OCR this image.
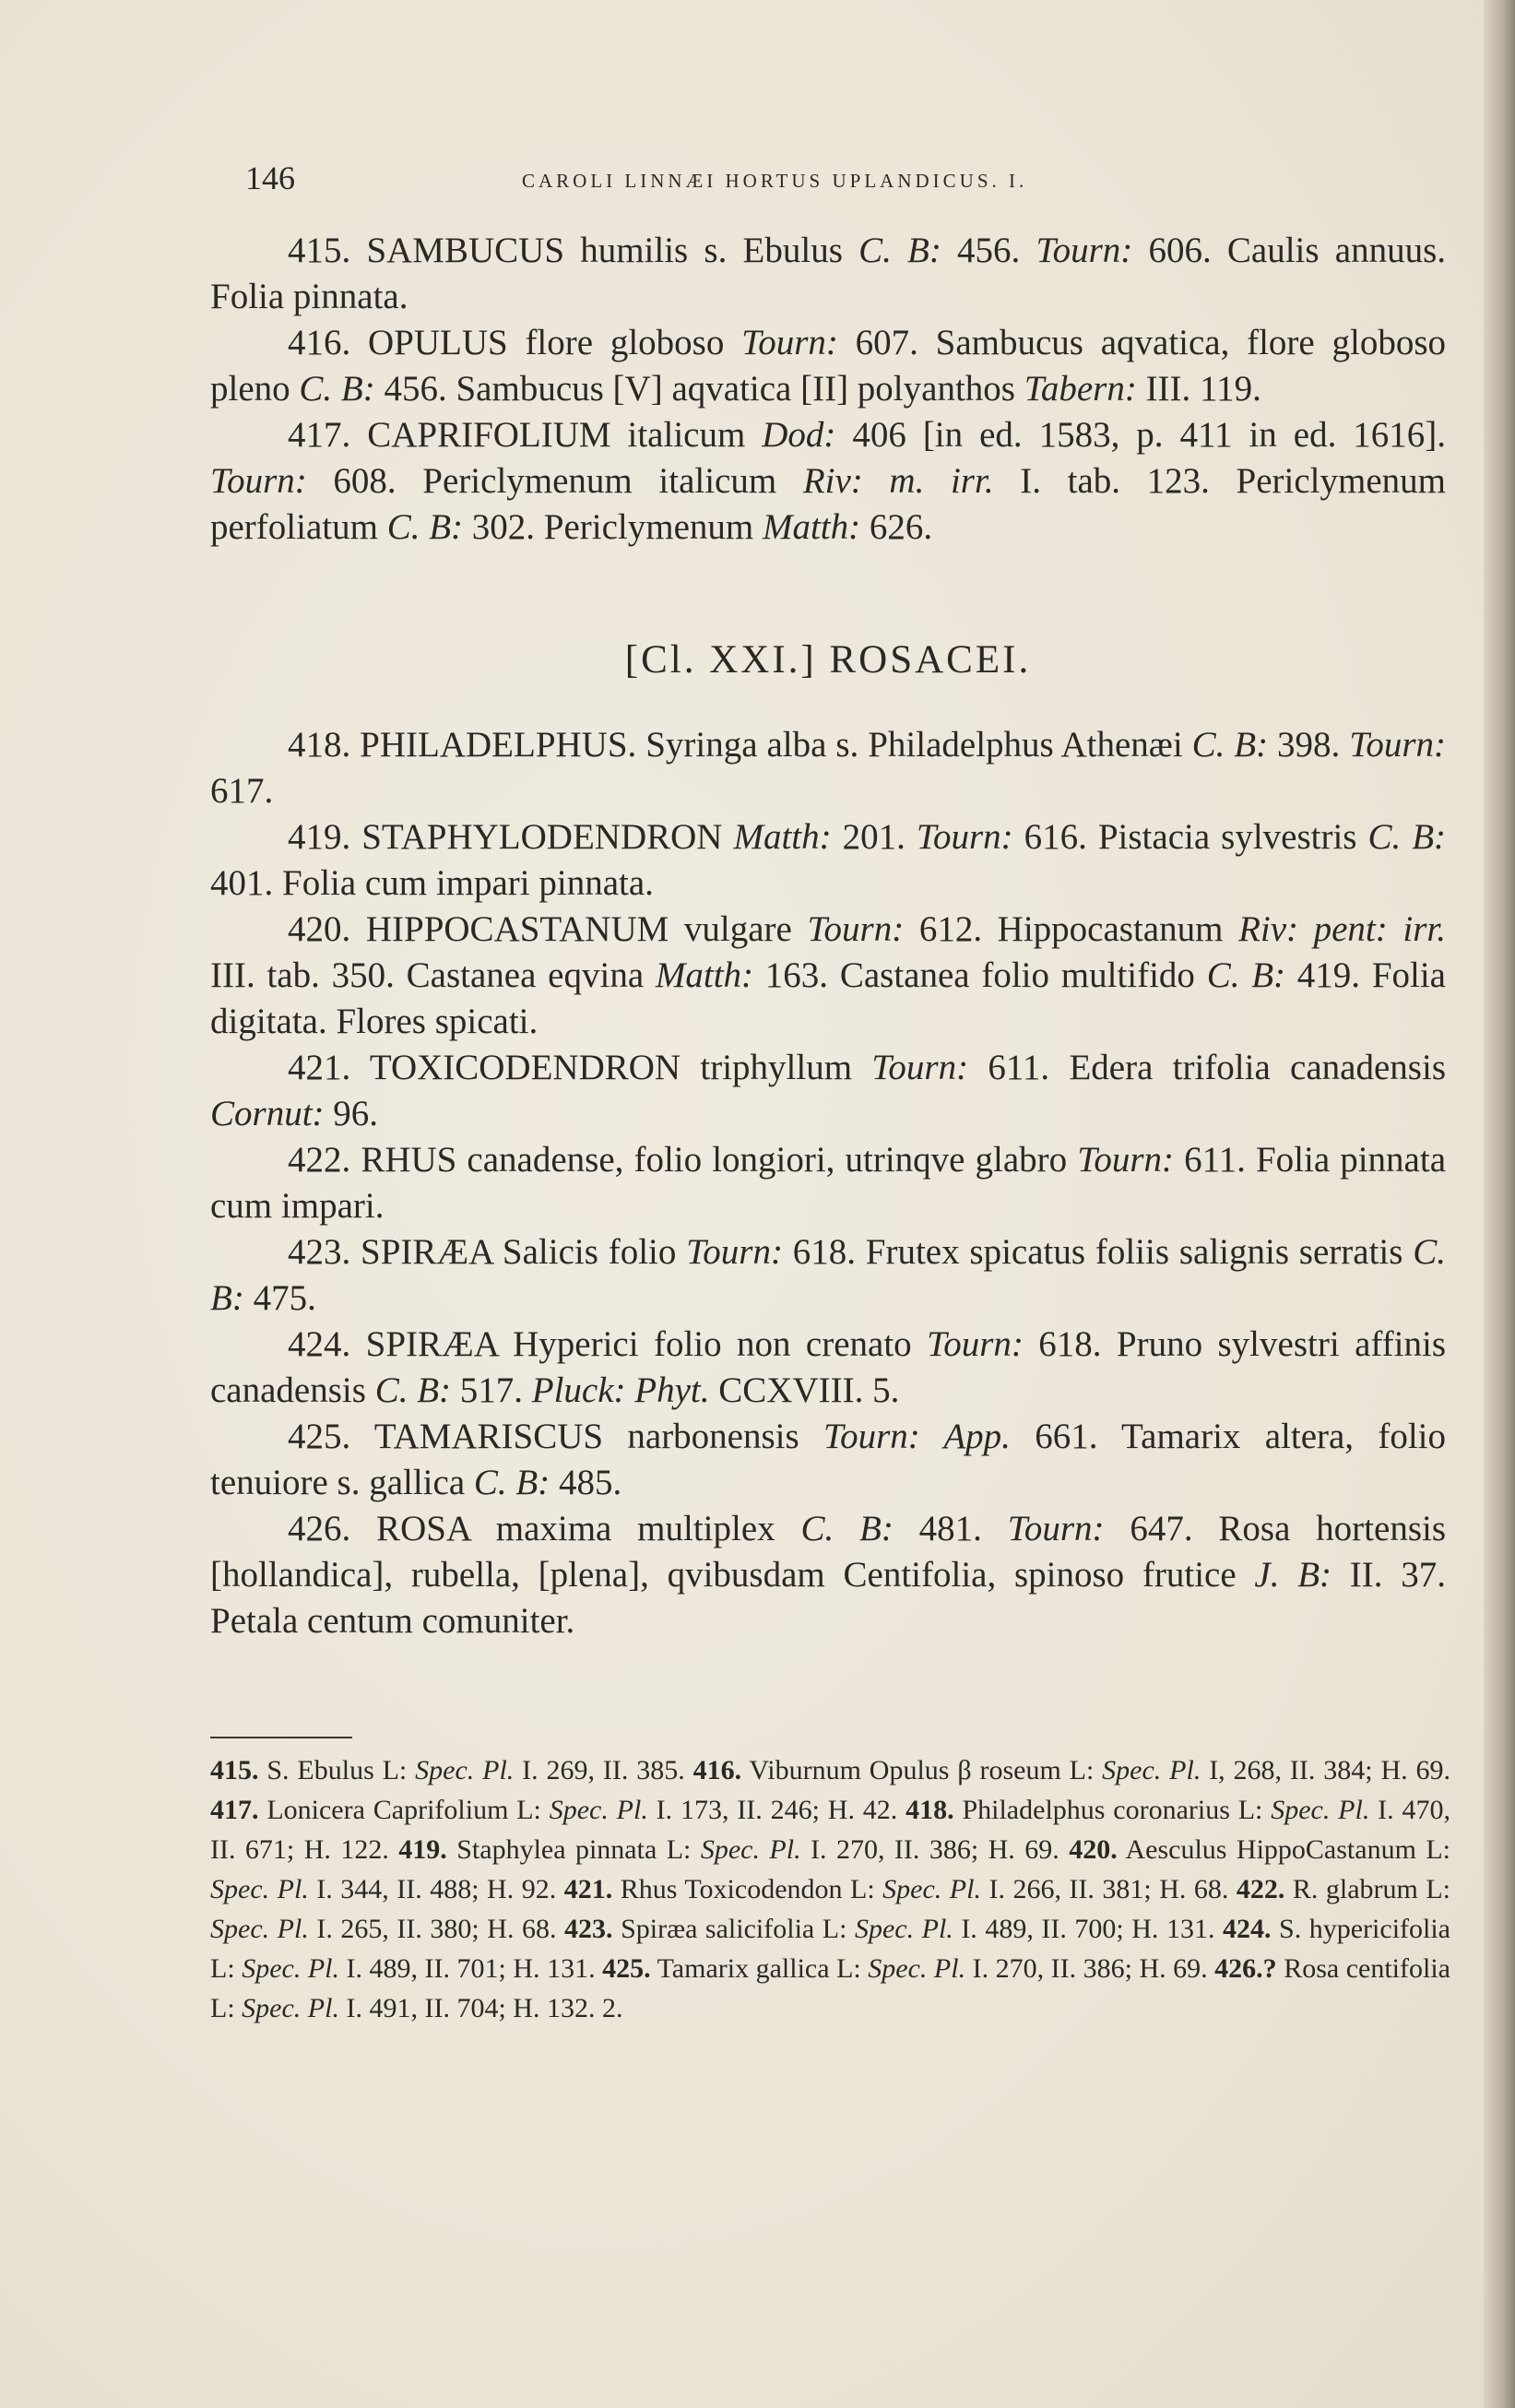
146	CAROLI LINNÆI HORTUS UPLANDICUS. I.

415. SAMBUCUS humilis s. Ebulus C. B: 456. Tourn: 606. Caulis annuus. Folia pinnata.

416. OPULUS flore globoso Tourn: 607. Sambucus aqvatica, flore globoso pleno C. B: 456. Sambucus [V] aqvatica [II] polyanthos Tabern: III. 119.

417. CAPRIFOLIUM italicum Dod: 406 [in ed. 1583, p. 411 in ed. 1616]. Tourn: 608. Periclymenum italicum Riv: m. irr. I. tab. 123. Periclymenum perfoliatum C. B: 302. Periclymenum Matth: 626.

[Cl. XXI.] ROSACEI.

418. PHILADELPHUS. Syringa alba s. Philadelphus Athenæi C. B: 398. Tourn: 617.

419. STAPHYLODENDRON Matth: 201. Tourn: 616. Pistacia sylvestris C. B: 401. Folia cum impari pinnata.

420. HIPPOCASTANUM vulgare Tourn: 612. Hippocastanum Riv: pent: irr. III. tab. 350. Castanea eqvina Matth: 163. Castanea folio multifido C. B: 419. Folia digitata. Flores spicati.

421. TOXICODENDRON triphyllum Tourn: 611. Edera trifolia canadensis Cornut: 96.

422. RHUS canadense, folio longiori, utrinqve glabro Tourn: 611. Folia pinnata cum impari.

423. SPIRÆA Salicis folio Tourn: 618. Frutex spicatus foliis salignis serratis C. B: 475.

424. SPIRÆA Hyperici folio non crenato Tourn: 618. Pruno sylvestri affinis canadensis C. B: 517. Pluck: Phyt. CCXVIII. 5.

425. TAMARISCUS narbonensis Tourn: App. 661. Tamarix altera, folio tenuiore s. gallica C. B: 485.

426. ROSA maxima multiplex C. B: 481. Tourn: 647. Rosa hortensis [hollandica], rubella, [plena], qvibusdam Centifolia, spinoso frutice J. B: II. 37. Petala centum comuniter.

415. S. Ebulus L: Spec. Pl. I. 269, II. 385. 416. Viburnum Opulus β roseum L: Spec. Pl. I, 268, II. 384; H. 69. 417. Lonicera Caprifolium L: Spec. Pl. I. 173, II. 246; H. 42. 418. Philadelphus coronarius L: Spec. Pl. I. 470, II. 671; H. 122. 419. Staphylea pinnata L: Spec. Pl. I. 270, II. 386; H. 69. 420. Aesculus HippoCastanum L: Spec. Pl. I. 344, II. 488; H. 92. 421. Rhus Toxicodendon L: Spec. Pl. I. 266, II. 381; H. 68. 422. R. glabrum L: Spec. Pl. I. 265, II. 380; H. 68. 423. Spiræa salicifolia L: Spec. Pl. I. 489, II. 700; H. 131. 424. S. hypericifolia L: Spec. Pl. I. 489, II. 701; H. 131. 425. Tamarix gallica L: Spec. Pl. I. 270, II. 386; H. 69. 426.? Rosa centifolia L: Spec. Pl. I. 491, II. 704; H. 132. 2.
